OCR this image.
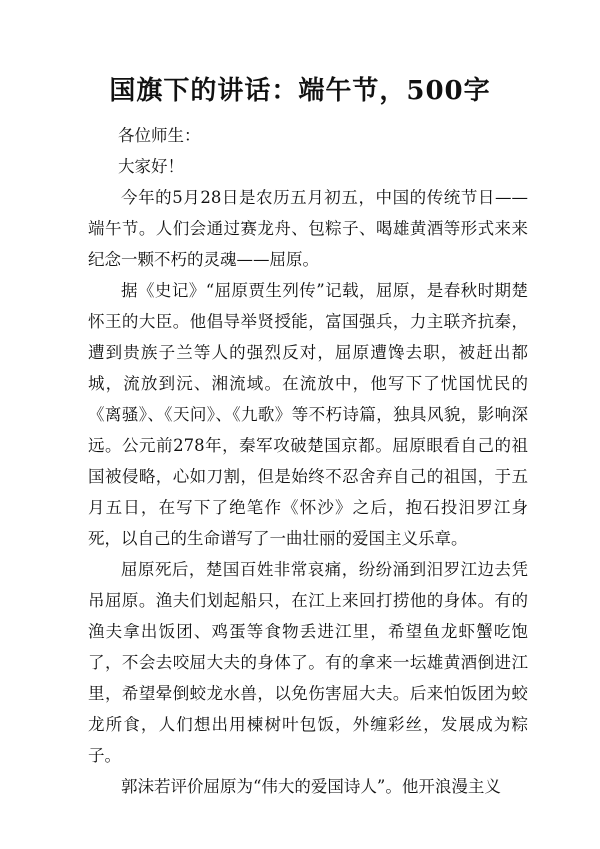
国旗下的讲话：端午节，500字

各位师生：

大家好！

今年的5月28日是农历五月初五，中国的传统节日——端午节。人们会通过赛龙舟、包粽子、喝雄黄酒等形式来来纪念一颗不朽的灵魂——屈原。

据《史记》“屈原贾生列传”记载，屈原，是春秋时期楚怀王的大臣。他倡导举贤授能，富国强兵，力主联齐抗秦，遭到贵族子兰等人的强烈反对，屈原遭馋去职，被赶出都城，流放到沅、湘流域。在流放中，他写下了忧国忧民的《离骚》、《天问》、《九歌》等不朽诗篇，独具风貌，影响深远。公元前278年，秦军攻破楚国京都。屈原眼看自己的祖国被侵略，心如刀割，但是始终不忍舍弃自己的祖国，于五月五日，在写下了绝笔作《怀沙》之后，抱石投汨罗江身死，以自己的生命谱写了一曲壮丽的爱国主义乐章。

屈原死后，楚国百姓非常哀痛，纷纷涌到汨罗江边去凭吊屈原。渔夫们划起船只，在江上来回打捞他的身体。有的渔夫拿出饭团、鸡蛋等食物丢进江里，希望鱼龙虾蟹吃饱了，不会去咬屈大夫的身体了。有的拿来一坛雄黄酒倒进江里，希望晕倒蛟龙水兽，以免伤害屈大夫。后来怕饭团为蛟龙所食，人们想出用楝树叶包饭，外缠彩丝，发展成为粽子。

郭沫若评价屈原为“伟大的爱国诗人”。他开浪漫主义
